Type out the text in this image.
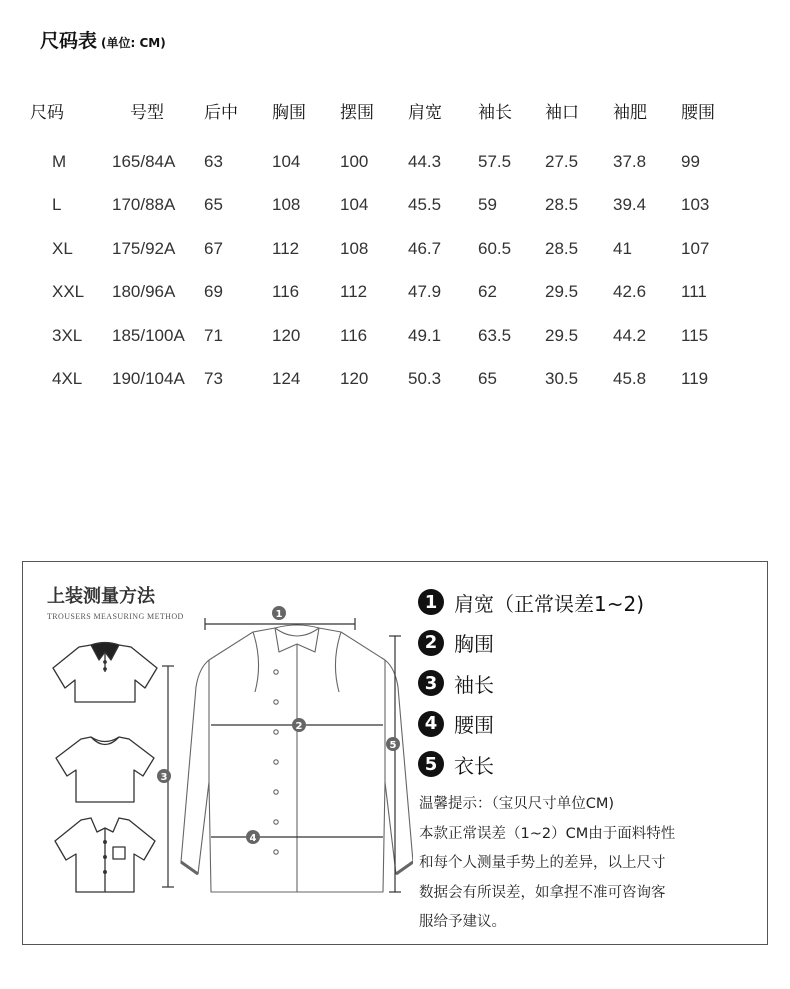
尺码表 (单位: CM)
尺码	号型	后中	胸围	摆围	肩宽	袖长	袖口	袖肥	腰围
M	165/84A	63	104	100	44.3	57.5	27.5	37.8	99
L	170/88A	65	108	104	45.5	59	28.5	39.4	103
XL	175/92A	67	112	108	46.7	60.5	28.5	41	107
XXL	180/96A	69	116	112	47.9	62	29.5	42.6	111
3XL	185/100A	71	120	116	49.1	63.5	29.5	44.2	115
4XL	190/104A	73	124	120	50.3	65	30.5	45.8	119
上装测量方法
TROUSERS MEASURING METHOD	1
2
3
4
5
1 肩宽（正常误差1~2)
2 胸围
3 袖长
4 腰围
5 衣长

温馨提示：（宝贝尺寸单位CM)

本款正常误差（1~2）CM由于面料特性

和每个人测量手势上的差异，以上尺寸

数据会有所误差，如拿捏不准可咨询客

服给予建议。
